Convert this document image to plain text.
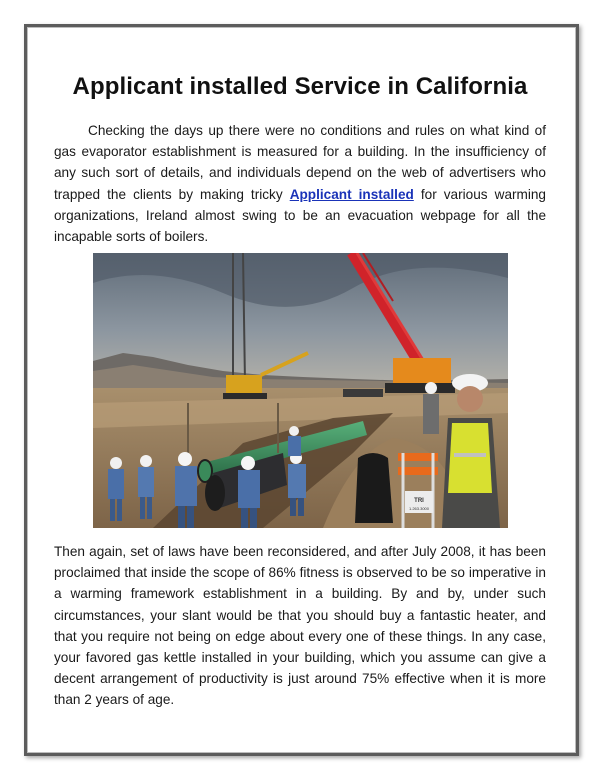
Applicant installed Service in California

Checking the days up there were no conditions and rules on what kind of gas evaporator establishment is measured for a building. In the insufficiency of any such sort of details, and individuals depend on the web of advertisers who trapped the clients by making tricky Applicant installed for various warming organizations, Ireland almost swing to be an evacuation webpage for all the incapable sorts of boilers.

TRI
1.263.3000

Then again, set of laws have been reconsidered, and after July 2008, it has been proclaimed that inside the scope of 86% fitness is observed to be so imperative in a warming framework establishment in a building. By and by, under such circumstances, your slant would be that you should buy a fantastic heater, and that you require not being on edge about every one of these things. In any case, your favored gas kettle installed in your building, which you assume can give a decent arrangement of productivity is just around 75% effective when it is more than 2 years of age.
